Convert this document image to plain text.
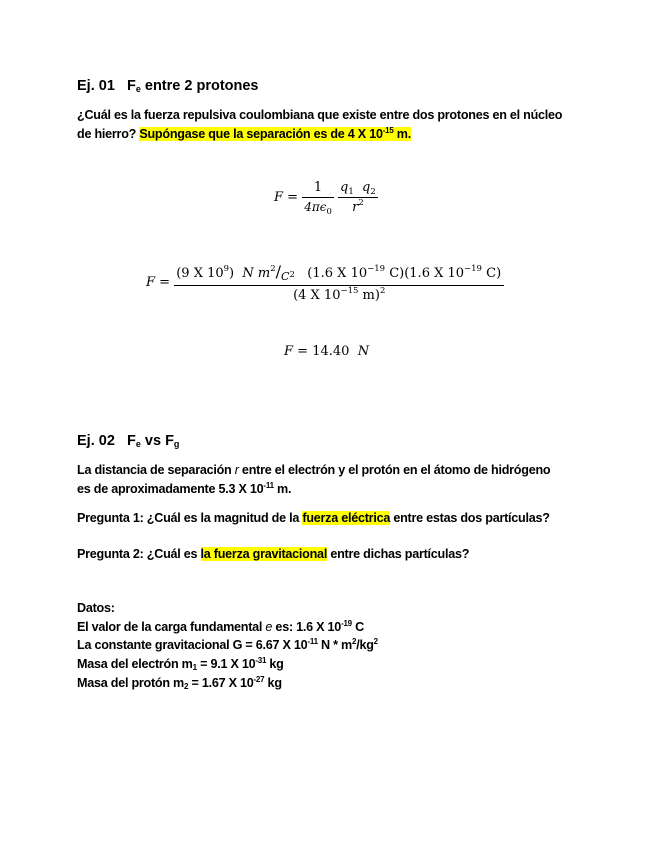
Ej. 01 $F_e$ entre 2 protones
¿Cuál es la fuerza repulsiva coulombiana que existe entre dos protones en el núcleo
de hierro? Supóngase que la separación es de 4 X $10^{-15}$ m.
$F = \frac{1}{4\pi\epsilon_0}$
$\frac{q_1 q_2}{r^2}$
F =
(9 X $10^9$) N $m^2/_C2$ (1.6 X $10^{-19}$ C)(1.6 X $10^{-19}$ C)
(4 X $10^{-15}$ m)$^2$
F = 14.40 N
Ej. 02 $F_e$ vs $F_g$
La distancia de separación r entre el electrón y el protón en el átomo de hidrógeno
es de aproximadamente 5.3 X $10^{-11}$ m.
Pregunta 1: ¿Cuál es la magnitud de la fuerza eléctrica entre estas dos partículas?
Pregunta 2: ¿Cuál es la fuerza gravitacional entre dichas partículas?
Datos:
El valor de la carga fundamental e es: 1.6 X $10^{-19}$ C
La constante gravitacional G = 6.67 X $10^{-11}$ N * $m^2/kg^2$
Masa del electrón $m_1 = 9.1$ X $10^{-31}$ kg
Masa del protón $m_2 = 1.67$ X $10^{-27}$ kg
